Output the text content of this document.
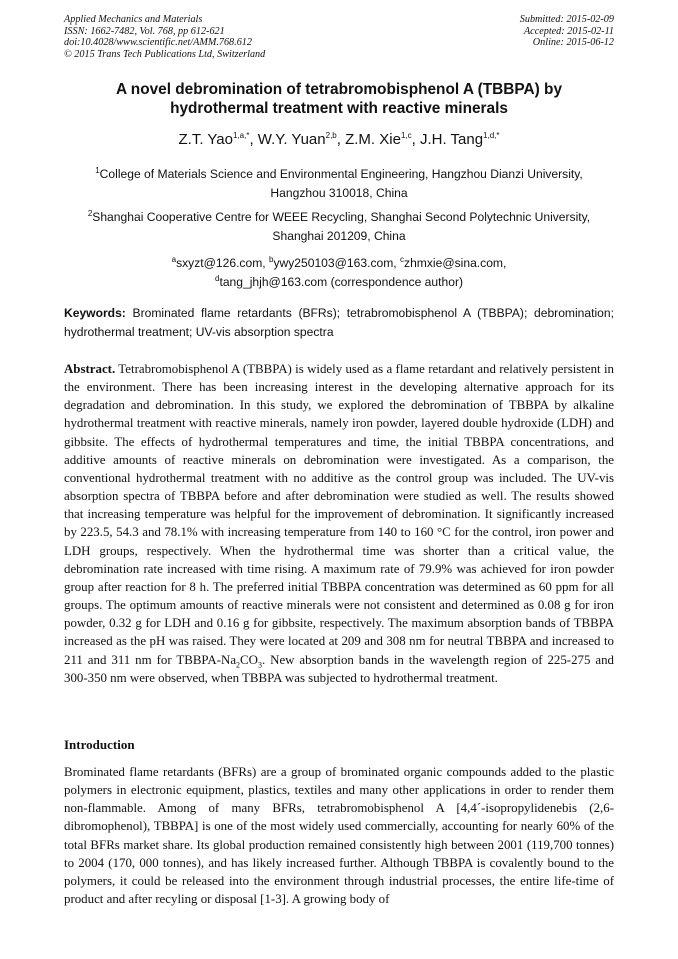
Applied Mechanics and Materials
ISSN: 1662-7482, Vol. 768, pp 612-621
doi:10.4028/www.scientific.net/AMM.768.612
© 2015 Trans Tech Publications Ltd, Switzerland
Submitted: 2015-02-09
Accepted: 2015-02-11
Online: 2015-06-12
A novel debromination of tetrabromobisphenol A (TBBPA) by
hydrothermal treatment with reactive minerals
Z.T. Yao$^{1,a,*}$, W.Y. Yuan$^{2,b}$, Z.M. Xie$^{1,c}$, J.H. Tang$^{1,d,*}$
$^1$College of Materials Science and Environmental Engineering, Hangzhou Dianzi University,
Hangzhou 310018, China
$^2$Shanghai Cooperative Centre for WEEE Recycling, Shanghai Second Polytechnic University,
Shanghai 201209, China
$^a$sxyzt@126.com, $^b$ywy250103@163.com, $^c$zhmxie@sina.com,
$^d$tang_jhjh@163.com (correspondence author)
Keywords: Brominated flame retardants (BFRs); tetrabromobisphenol A (TBBPA); debromination; hydrothermal treatment; UV-vis absorption spectra
Abstract. Tetrabromobisphenol A (TBBPA) is widely used as a flame retardant and relatively persistent in the environment. There has been increasing interest in the developing alternative approach for its degradation and debromination. In this study, we explored the debromination of TBBPA by alkaline hydrothermal treatment with reactive minerals, namely iron powder, layered double hydroxide (LDH) and gibbsite. The effects of hydrothermal temperatures and time, the initial TBBPA concentrations, and additive amounts of reactive minerals on debromination were investigated. As a comparison, the conventional hydrothermal treatment with no additive as the control group was included. The UV-vis absorption spectra of TBBPA before and after debromination were studied as well. The results showed that increasing temperature was helpful for the improvement of debromination. It significantly increased by 223.5, 54.3 and 78.1% with increasing temperature from 140 to 160 °C for the control, iron power and LDH groups, respectively. When the hydrothermal time was shorter than a critical value, the debromination rate increased with time rising. A maximum rate of 79.9% was achieved for iron powder group after reaction for 8 h. The preferred initial TBBPA concentration was determined as 60 ppm for all groups. The optimum amounts of reactive minerals were not consistent and determined as 0.08 g for iron powder, 0.32 g for LDH and 0.16 g for gibbsite, respectively. The maximum absorption bands of TBBPA increased as the pH was raised. They were located at 209 and 308 nm for neutral TBBPA and increased to 211 and 311 nm for TBBPA-$Na_2CO_3$. New absorption bands in the wavelength region of 225-275 and 300-350 nm were observed, when TBBPA was subjected to hydrothermal treatment.
Introduction
Brominated flame retardants (BFRs) are a group of brominated organic compounds added to the plastic polymers in electronic equipment, plastics, textiles and many other applications in order to render them non-flammable. Among of many BFRs, tetrabromobisphenol A [4,4´-isopropylidenebis (2,6-dibromophenol), TBBPA] is one of the most widely used commercially, accounting for nearly 60% of the total BFRs market share. Its global production remained consistently high between 2001 (119,700 tonnes) to 2004 (170, 000 tonnes), and has likely increased further. Although TBBPA is covalently bound to the polymers, it could be released into the environment through industrial processes, the entire life-time of product and after recyling or disposal [1-3]. A growing body of
